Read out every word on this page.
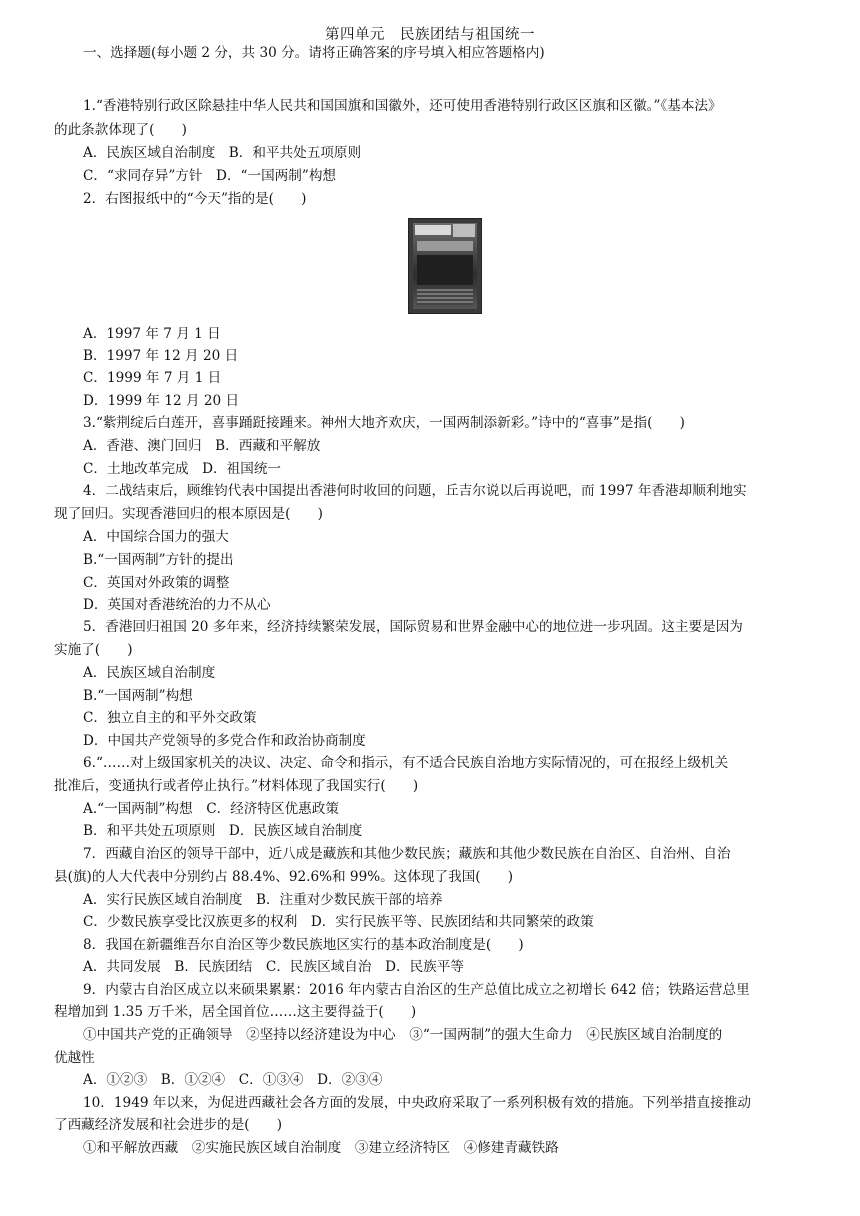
第四单元　民族团结与祖国统一
一、选择题(每小题 2 分，共 30 分。请将正确答案的序号填入相应答题格内)
1.“香港特别行政区除悬挂中华人民共和国国旗和国徽外，还可使用香港特别行政区区旗和区徽。”《基本法》
的此条款体现了(　　)
A．民族区域自治制度　B．和平共处五项原则
C．“求同存异”方针　D．“一国两制”构想
2．右图报纸中的“今天”指的是(　　)
A．1997 年 7 月 1 日
B．1997 年 12 月 20 日
C．1999 年 7 月 1 日
D．1999 年 12 月 20 日
3.“紫荆绽后白莲开，喜事踊跹接踵来。神州大地齐欢庆，一国两制添新彩。”诗中的“喜事”是指(　　)
A．香港、澳门回归　B．西藏和平解放
C．土地改革完成　D．祖国统一
4．二战结束后，顾维钧代表中国提出香港何时收回的问题，丘吉尔说以后再说吧，而 1997 年香港却顺利地实
现了回归。实现香港回归的根本原因是(　　)
A．中国综合国力的强大
B.“一国两制”方针的提出
C．英国对外政策的调整
D．英国对香港统治的力不从心
5．香港回归祖国 20 多年来，经济持续繁荣发展，国际贸易和世界金融中心的地位进一步巩固。这主要是因为
实施了(　　)
A．民族区域自治制度
B.“一国两制”构想
C．独立自主的和平外交政策
D．中国共产党领导的多党合作和政治协商制度
6.“……对上级国家机关的决议、决定、命令和指示，有不适合民族自治地方实际情况的，可在报经上级机关
批准后，变通执行或者停止执行。”材料体现了我国实行(　　)
A.“一国两制”构想　C．经济特区优惠政策
B．和平共处五项原则　D．民族区域自治制度
7．西藏自治区的领导干部中，近八成是藏族和其他少数民族；藏族和其他少数民族在自治区、自治州、自治
县(旗)的人大代表中分别约占 88.4%、92.6%和 99%。这体现了我国(　　)
A．实行民族区域自治制度　B．注重对少数民族干部的培养
C．少数民族享受比汉族更多的权利　D．实行民族平等、民族团结和共同繁荣的政策
8．我国在新疆维吾尔自治区等少数民族地区实行的基本政治制度是(　　)
A．共同发展　B．民族团结　C．民族区域自治　D．民族平等
9．内蒙古自治区成立以来硕果累累：2016 年内蒙古自治区的生产总值比成立之初增长 642 倍；铁路运营总里
程增加到 1.35 万千米，居全国首位……这主要得益于(　　)
①中国共产党的正确领导　②坚持以经济建设为中心　③“一国两制”的强大生命力　④民族区域自治制度的
优越性
A．①②③　B．①②④　C．①③④　D．②③④
10．1949 年以来，为促进西藏社会各方面的发展，中央政府采取了一系列积极有效的措施。下列举措直接推动
了西藏经济发展和社会进步的是(　　)
①和平解放西藏　②实施民族区域自治制度　③建立经济特区　④修建青藏铁路
